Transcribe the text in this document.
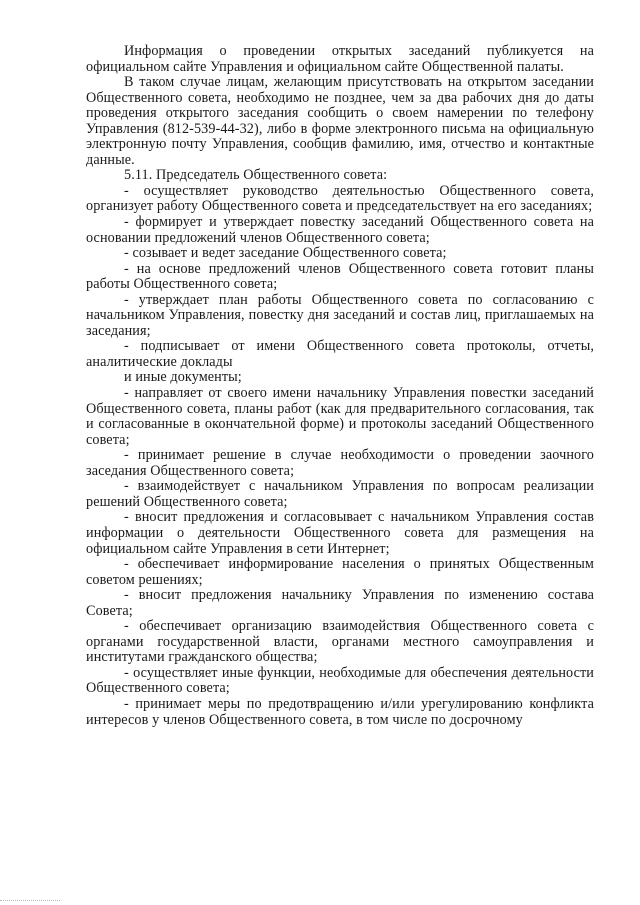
Информация о проведении открытых заседаний публикуется на официальном сайте Управления и официальном сайте Общественной палаты.

В таком случае лицам, желающим присутствовать на открытом заседании Общественного совета, необходимо не позднее, чем за два рабочих дня до даты проведения открытого заседания сообщить о своем намерении по телефону Управления (812-539-44-32), либо в форме электронного письма на официальную электронную почту Управления, сообщив фамилию, имя, отчество и контактные данные.

5.11. Председатель Общественного совета:

- осуществляет руководство деятельностью Общественного совета, организует работу Общественного совета и председательствует на его заседаниях;

- формирует и утверждает повестку заседаний Общественного совета на основании предложений членов Общественного совета;

- созывает и ведет заседание Общественного совета;

- на основе предложений членов Общественного совета готовит планы работы Общественного совета;

- утверждает план работы Общественного совета по согласованию с начальником Управления, повестку дня заседаний и состав лиц, приглашаемых на заседания;

- подписывает от имени Общественного совета протоколы, отчеты, аналитические доклады

и иные документы;

- направляет от своего имени начальнику Управления повестки заседаний Общественного совета, планы работ (как для предварительного согласования, так и согласованные в окончательной форме) и протоколы заседаний Общественного совета;

- принимает решение в случае необходимости о проведении заочного заседания Общественного совета;

- взаимодействует с начальником Управления по вопросам реализации решений Общественного совета;

- вносит предложения и согласовывает с начальником Управления состав информации о деятельности Общественного совета для размещения на официальном сайте Управления в сети Интернет;

- обеспечивает информирование населения о принятых Общественным советом решениях;

- вносит предложения начальнику Управления по изменению состава Совета;

- обеспечивает организацию взаимодействия Общественного совета с органами государственной власти, органами местного самоуправления и институтами гражданского общества;

- осуществляет иные функции, необходимые для обеспечения деятельности Общественного совета;

- принимает меры по предотвращению и/или урегулированию конфликта интересов у членов Общественного совета, в том числе по досрочному
